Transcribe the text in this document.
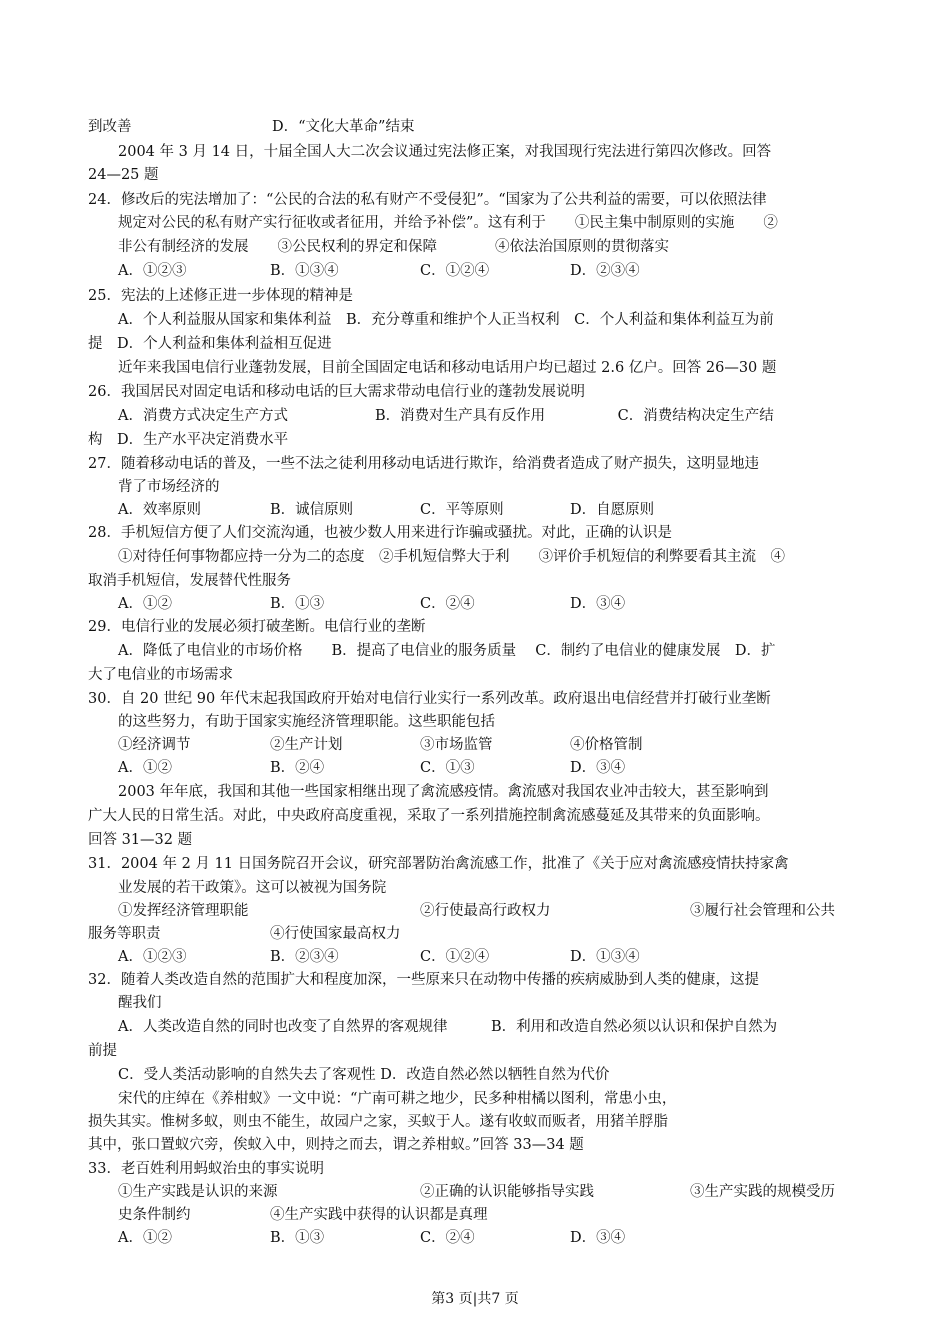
到改善	D．“文化大革命”结束
2004 年 3 月 14 日，十届全国人大二次会议通过宪法修正案，对我国现行宪法进行第四次修改。回答
24—25 题
24．修改后的宪法增加了：“公民的合法的私有财产不受侵犯”。“国家为了公共利益的需要，可以依照法律
规定对公民的私有财产实行征收或者征用，并给予补偿”。这有利于　　①民主集中制原则的实施　　②
非公有制经济的发展　　③公民权利的界定和保障　　　　④依法治国原则的贯彻落实
A．①②③	B．①③④	C．①②④	D．②③④
25．宪法的上述修正进一步体现的精神是
A．个人利益服从国家和集体利益　B．充分尊重和维护个人正当权利　C．个人利益和集体利益互为前
提　D．个人利益和集体利益相互促进
近年来我国电信行业蓬勃发展，目前全国固定电话和移动电话用户均已超过 2.6 亿户。回答 26—30 题
26．我国居民对固定电话和移动电话的巨大需求带动电信行业的蓬勃发展说明
A．消费方式决定生产方式　　　　　　B．消费对生产具有反作用　　　　　C．消费结构决定生产结
构　D．生产水平决定消费水平
27．随着移动电话的普及，一些不法之徒利用移动电话进行欺诈，给消费者造成了财产损失，这明显地违
背了市场经济的
A．效率原则	B．诚信原则	C．平等原则	D．自愿原则
28．手机短信方便了人们交流沟通，也被少数人用来进行诈骗或骚扰。对此，正确的认识是
①对待任何事物都应持一分为二的态度　②手机短信弊大于利　　③评价手机短信的利弊要看其主流　④
取消手机短信，发展替代性服务
A．①②	B．①③	C．②④	D．③④
29．电信行业的发展必须打破垄断。电信行业的垄断
A．降低了电信业的市场价格　　B．提高了电信业的服务质量　 C．制约了电信业的健康发展　D．扩
大了电信业的市场需求
30．自 20 世纪 90 年代末起我国政府开始对电信行业实行一系列改革。政府退出电信经营并打破行业垄断
的这些努力，有助于国家实施经济管理职能。这些职能包括
①经济调节	②生产计划	③市场监管	④价格管制
A．①②	B．②④	C．①③	D．③④
2003 年年底，我国和其他一些国家相继出现了禽流感疫情。禽流感对我国农业冲击较大，甚至影响到
广大人民的日常生活。对此，中央政府高度重视，采取了一系列措施控制禽流感蔓延及其带来的负面影响。
回答 31—32 题
31．2004 年 2 月 11 日国务院召开会议，研究部署防治禽流感工作，批准了《关于应对禽流感疫情扶持家禽
业发展的若干政策》。这可以被视为国务院
①发挥经济管理职能	②行使最高行政权力	③履行社会管理和公共
服务等职责	④行使国家最高权力
A．①②③	B．②③④	C．①②④	D．①③④
32．随着人类改造自然的范围扩大和程度加深，一些原来只在动物中传播的疾病威胁到人类的健康，这提
醒我们
A．人类改造自然的同时也改变了自然界的客观规律　　　B．利用和改造自然必须以认识和保护自然为
前提
C．受人类活动影响的自然失去了客观性 D．改造自然必然以牺牲自然为代价
宋代的庄绰在《养柑蚁》一文中说：“广南可耕之地少，民多种柑橘以图利，常患小虫，
损失其实。惟树多蚁，则虫不能生，故园户之家，买蚁于人。遂有收蚁而贩者，用猪羊脬脂
其中，张口置蚁穴旁，俟蚁入中，则持之而去，谓之养柑蚁。”回答 33—34 题
33．老百姓利用蚂蚁治虫的事实说明
①生产实践是认识的来源	②正确的认识能够指导实践	③生产实践的规模受历
史条件制约	④生产实践中获得的认识都是真理
A．①②	B．①③	C．②④	D．③④
第3 页|共7 页
